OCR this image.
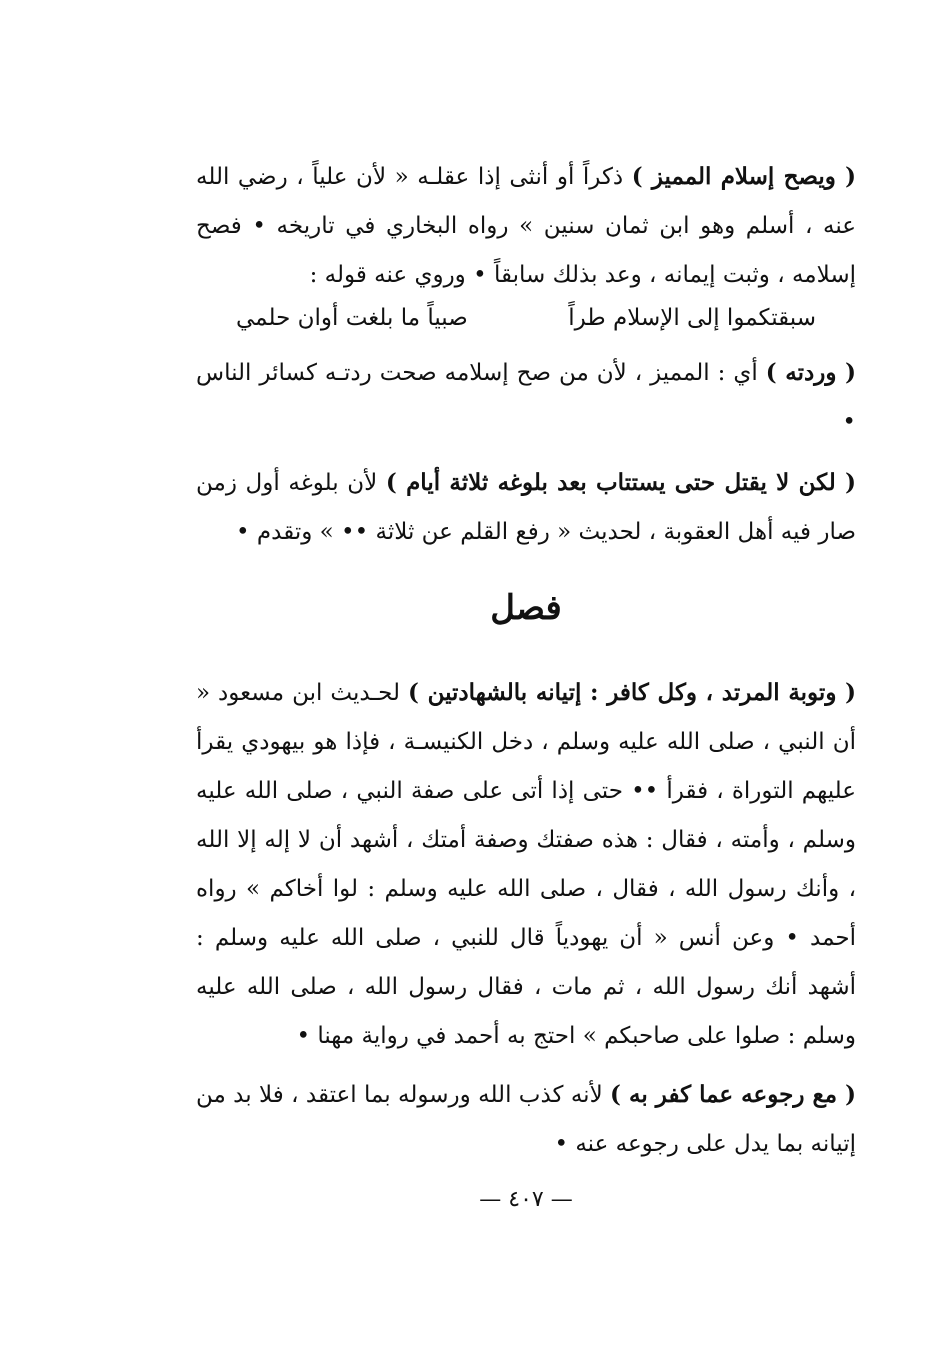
( ويصح إسلام المميز ) ذكراً أو أنثى إذا عقلـه « لأن علياً ، رضي الله عنه ، أسلم وهو ابن ثمان سنين » رواه البخاري في تاريخه • فصح إسلامه ، وثبت إيمانه ، وعد بذلك سابقاً • وروي عنه قوله :

سبقتكموا إلى الإسلام طراً
صبياً ما بلغت أوان حلمي

( وردته ) أي : المميز ، لأن من صح إسلامه صحت ردتـه كسائر الناس •

( لكن لا يقتل حتى يستتاب بعد بلوغه ثلاثة أيام ) لأن بلوغه أول زمن صار فيه أهل العقوبة ، لحديث « رفع القلم عن ثلاثة •• » وتقدم •

فصل

( وتوبة المرتد ، وكل كافر : إتيانه بالشهادتين ) لحـديث ابن مسعود « أن النبي ، صلى الله عليه وسلم ، دخل الكنيسـة ، فإذا هو بيهودي يقرأ عليهم التوراة ، فقرأ •• حتى إذا أتى على صفة النبي ، صلى الله عليه وسلم ، وأمته ، فقال : هذه صفتك وصفة أمتك ، أشهد أن لا إله إلا الله ، وأنك رسول الله ، فقال ، صلى الله عليه وسلم : لوا أخاكم » رواه أحمد • وعن أنس « أن يهودياً قال للنبي ، صلى الله عليه وسلم : أشهد أنك رسول الله ، ثم مات ، فقال رسول الله ، صلى الله عليه وسلم : صلوا على صاحبكم » احتج به أحمد في رواية مهنا •

( مع رجوعه عما كفر به ) لأنه كذب الله ورسوله بما اعتقد ، فلا بد من إتيانه بما يدل على رجوعه عنه •

— ٤٠٧ —
